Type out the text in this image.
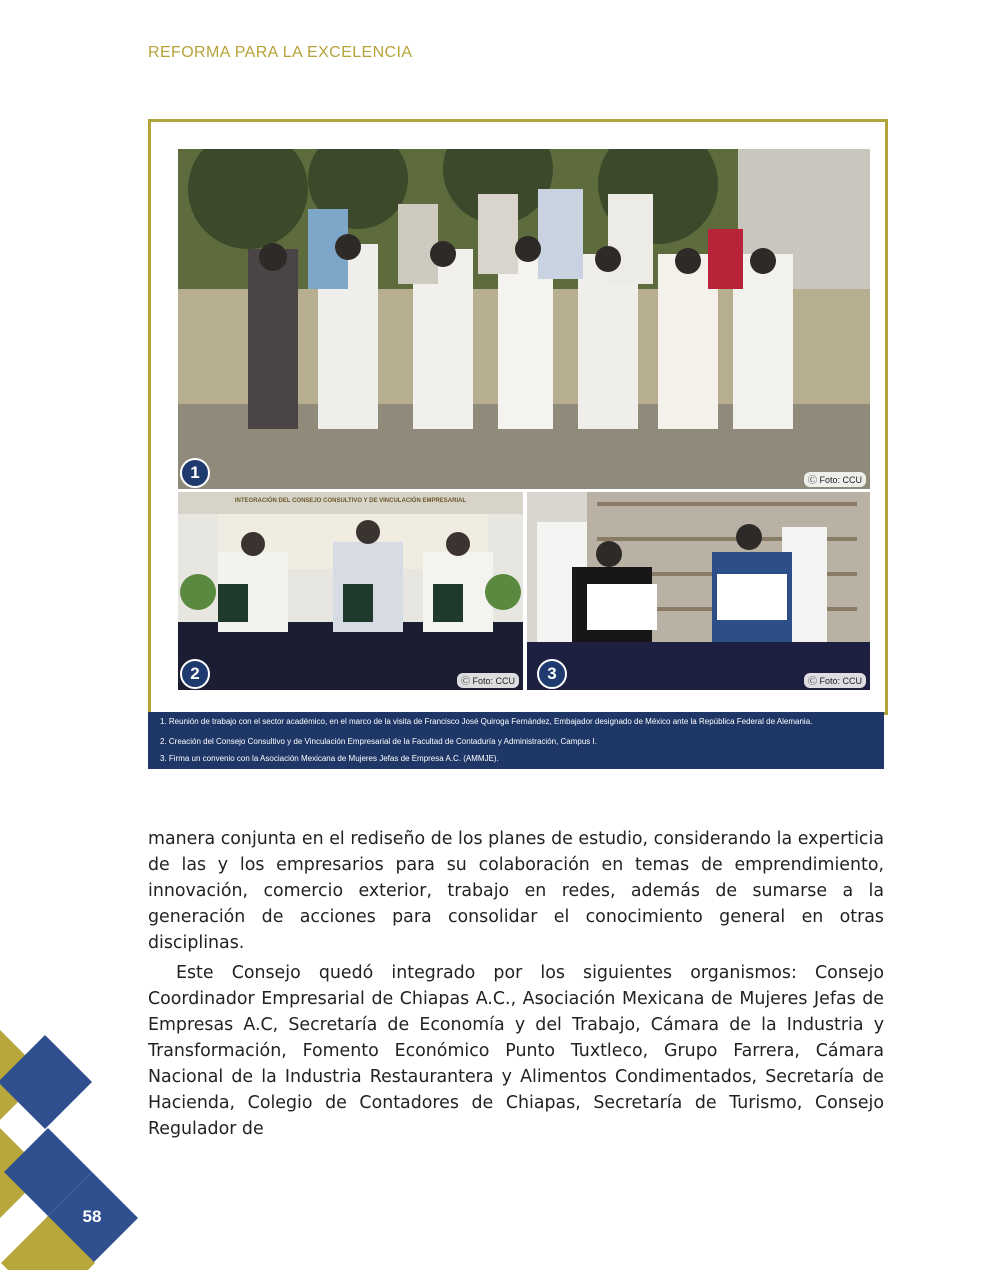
REFORMA PARA LA EXCELENCIA
1	Ⓒ Foto: CCU
INTEGRACIÓN DEL CONSEJO CONSULTIVO Y DE VINCULACIÓN EMPRESARIAL
2	Ⓒ Foto: CCU	3	Ⓒ Foto: CCU
1. Reunión de trabajo con el sector académico, en el marco de la visita de Francisco José Quiroga Fernández, Embajador designado de México ante la República Federal de Alemania.
2. Creación del Consejo Consultivo y de Vinculación Empresarial de la Facultad de Contaduría y Administración, Campus I.
3. Firma un convenio con la Asociación Mexicana de Mujeres Jefas de Empresa A.C. (AMMJE).

manera conjunta en el rediseño de los planes de estudio, considerando la experticia de las y los empresarios para su colaboración en temas de emprendimiento, innovación, comercio exterior, trabajo en redes, además de sumarse a la generación de acciones para consolidar el conocimiento general en otras disciplinas.

Este Consejo quedó integrado por los siguientes organismos: Consejo Coordinador Empresarial de Chiapas A.C., Asociación Mexicana de Mujeres Jefas de Empresas A.C, Secretaría de Economía y del Trabajo, Cámara de la Industria y Transformación, Fomento Económico Punto Tuxtleco, Grupo Farrera, Cámara Nacional de la Industria Restaurantera y Alimentos Condimentados, Secretaría de Hacienda, Colegio de Contadores de Chiapas, Secretaría de Turismo, Consejo Regulador de

58
